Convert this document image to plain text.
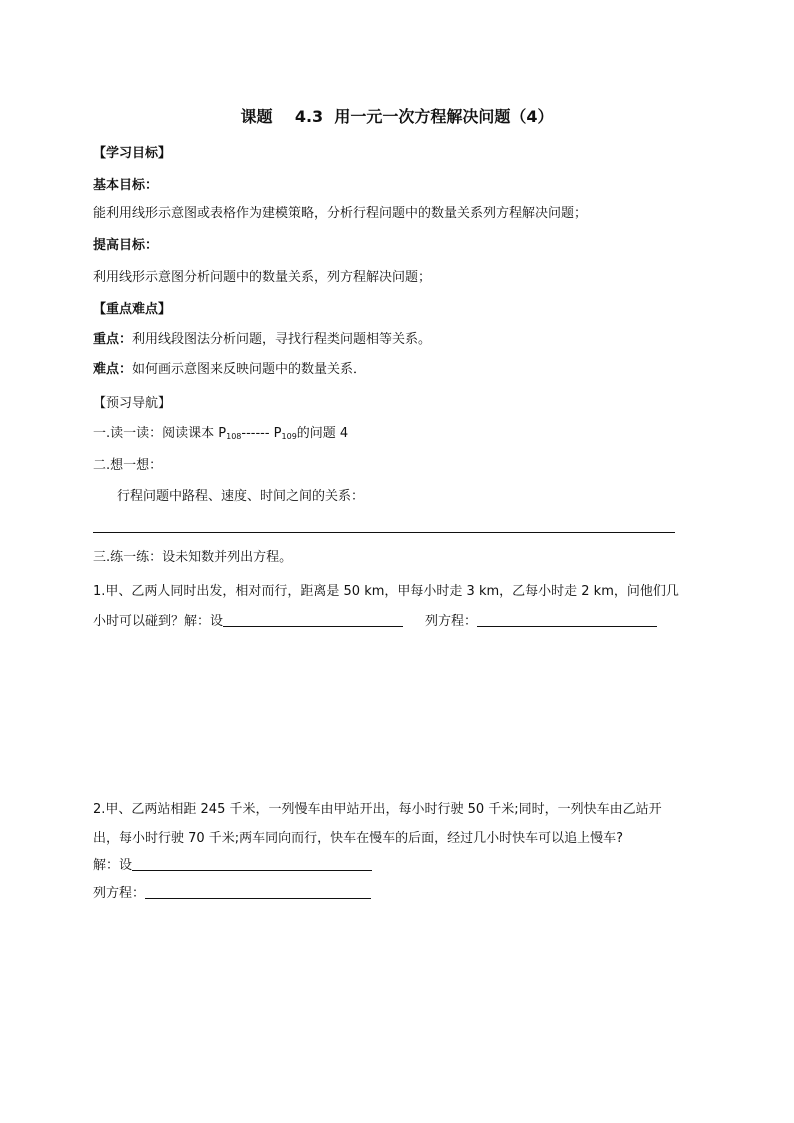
课题    4.3  用一元一次方程解决问题（4）
【学习目标】
基本目标：
能利用线形示意图或表格作为建模策略，分析行程问题中的数量关系列方程解决问题；
提高目标：
利用线形示意图分析问题中的数量关系，列方程解决问题；
【重点难点】
重点：利用线段图法分析问题，寻找行程类问题相等关系。
难点：如何画示意图来反映问题中的数量关系．
【预习导航】
一.读一读：阅读课本 $P_{108}------$ $P_{109}$的问题 4
二.想一想：
行程问题中路程、速度、时间之间的关系：
三.练一练：设未知数并列出方程。
1.甲、乙两人同时出发，相对而行，距离是 50 km，甲每小时走 3 km，乙每小时走 2 km，问他们几
小时可以碰到？解：设	列方程：
2.甲、乙两站相距 245 千米，一列慢车由甲站开出，每小时行驶 50 千米;同时，一列快车由乙站开
出，每小时行驶 70 千米;两车同向而行，快车在慢车的后面，经过几小时快车可以追上慢车?
解：设
列方程：
